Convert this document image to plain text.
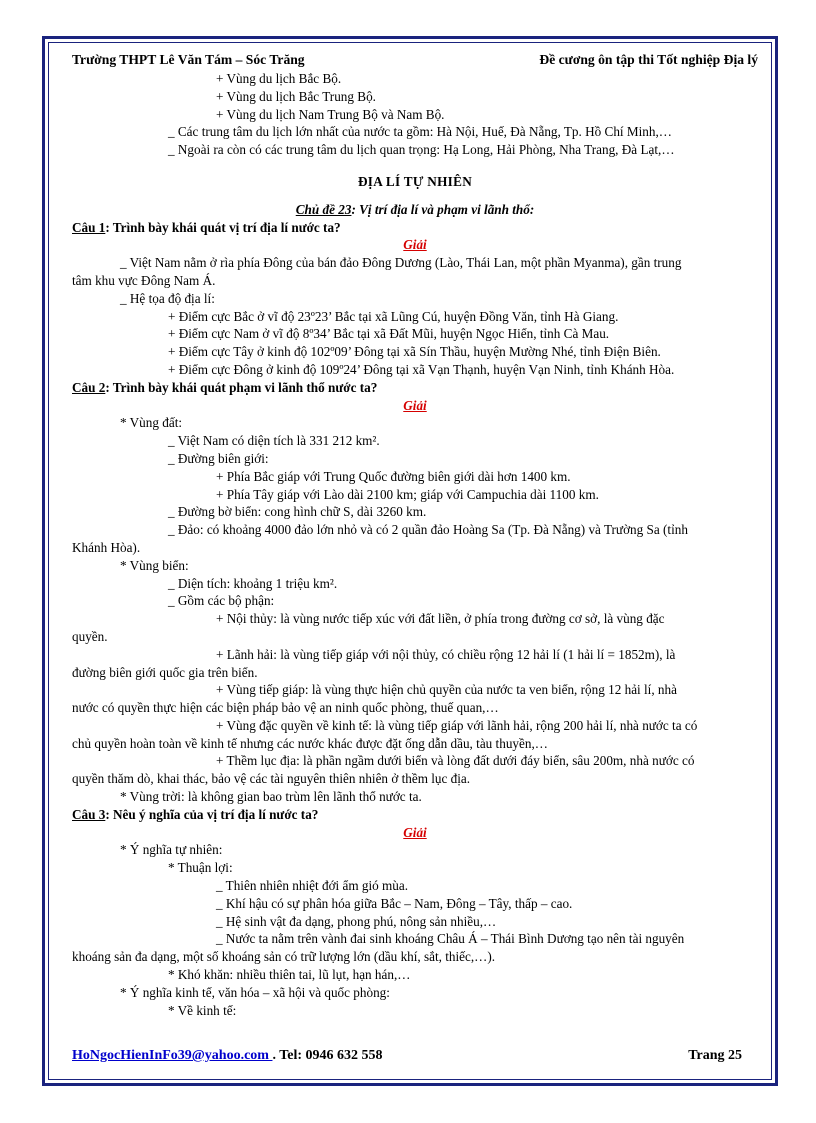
Trường THPT Lê Văn Tám – Sóc Trăng	Đề cương ôn tập thi Tốt nghiệp Địa lý
+ Vùng du lịch Bắc Bộ.
+ Vùng du lịch Bắc Trung Bộ.
+ Vùng du lịch Nam Trung Bộ và Nam Bộ.
_ Các trung tâm du lịch lớn nhất của nước ta gồm: Hà Nội, Huế, Đà Nẵng, Tp. Hồ Chí Minh,…
_ Ngoài ra còn có các trung tâm du lịch quan trọng: Hạ Long, Hải Phòng, Nha Trang, Đà Lạt,…
ĐỊA LÍ TỰ NHIÊN
Chủ đề 23: Vị trí địa lí và phạm vi lãnh thổ:
Câu 1: Trình bày khái quát vị trí địa lí nước ta?
Giải
_ Việt Nam nằm ở rìa phía Đông của bán đảo Đông Dương (Lào, Thái Lan, một phần Myanma), gần trung
tâm khu vực Đông Nam Á.
_ Hệ tọa độ địa lí:
+ Điểm cực Bắc ở vĩ độ 23º23’ Bắc tại xã Lũng Cú, huyện Đồng Văn, tỉnh Hà Giang.
+ Điểm cực Nam ở vĩ độ 8º34’ Bắc tại xã Đất Mũi, huyện Ngọc Hiển, tỉnh Cà Mau.
+ Điểm cực Tây ở kinh độ 102º09’ Đông tại xã Sín Thầu, huyện Mường Nhé, tỉnh Điện Biên.
+ Điểm cực Đông ở kinh độ 109º24’ Đông tại xã Vạn Thạnh, huyện Vạn Ninh, tỉnh Khánh Hòa.
Câu 2: Trình bày khái quát phạm vi lãnh thổ nước ta?
Giải
* Vùng đất:
_ Việt Nam có diện tích là 331 212 km².
_ Đường biên giới:
+ Phía Bắc giáp với Trung Quốc đường biên giới dài hơn 1400 km.
+ Phía Tây giáp với Lào dài 2100 km; giáp với Campuchia dài 1100 km.
_ Đường bờ biển: cong hình chữ S, dài 3260 km.
_ Đảo: có khoảng 4000 đảo lớn nhỏ và có 2 quần đảo Hoàng Sa (Tp. Đà Nẵng) và Trường Sa (tỉnh
Khánh Hòa).
* Vùng biển:
_ Diện tích: khoảng 1 triệu km².
_ Gồm các bộ phận:
+ Nội thủy: là vùng nước tiếp xúc với đất liền, ở phía trong đường cơ sở, là vùng đặc
quyền.
+ Lãnh hải: là vùng tiếp giáp với nội thủy, có chiều rộng 12 hải lí (1 hải lí = 1852m), là
đường biên giới quốc gia trên biển.
+ Vùng tiếp giáp: là vùng thực hiện chủ quyền của nước ta ven biển, rộng 12 hải lí, nhà
nước có quyền thực hiện các biện pháp bảo vệ an ninh quốc phòng, thuế quan,…
+ Vùng đặc quyền về kinh tế: là vùng tiếp giáp với lãnh hải, rộng 200 hải lí, nhà nước ta có
chủ quyền hoàn toàn về kinh tế nhưng các nước khác được đặt ống dẫn dầu, tàu thuyền,…
+ Thềm lục địa: là phần ngầm dưới biển và lòng đất dưới đáy biển, sâu 200m, nhà nước có
quyền thăm dò, khai thác, bảo vệ các tài nguyên thiên nhiên ở thềm lục địa.
* Vùng trời: là không gian bao trùm lên lãnh thổ nước ta.
Câu 3: Nêu ý nghĩa của vị trí địa lí nước ta?
Giải
* Ý nghĩa tự nhiên:
* Thuận lợi:
_ Thiên nhiên nhiệt đới ẩm gió mùa.
_ Khí hậu có sự phân hóa giữa Bắc – Nam, Đông – Tây, thấp – cao.
_ Hệ sinh vật đa dạng, phong phú, nông sản nhiều,…
_ Nước ta nằm trên vành đai sinh khoáng Châu Á – Thái Bình Dương tạo nên tài nguyên
khoáng sản đa dạng, một số khoáng sản có trữ lượng lớn (dầu khí, sắt, thiếc,…).
* Khó khăn: nhiều thiên tai, lũ lụt, hạn hán,…
* Ý nghĩa kinh tế, văn hóa – xã hội và quốc phòng:
* Về kinh tế:
HoNgocHienInFo39@yahoo.com . Tel: 0946 632 558	Trang 25
